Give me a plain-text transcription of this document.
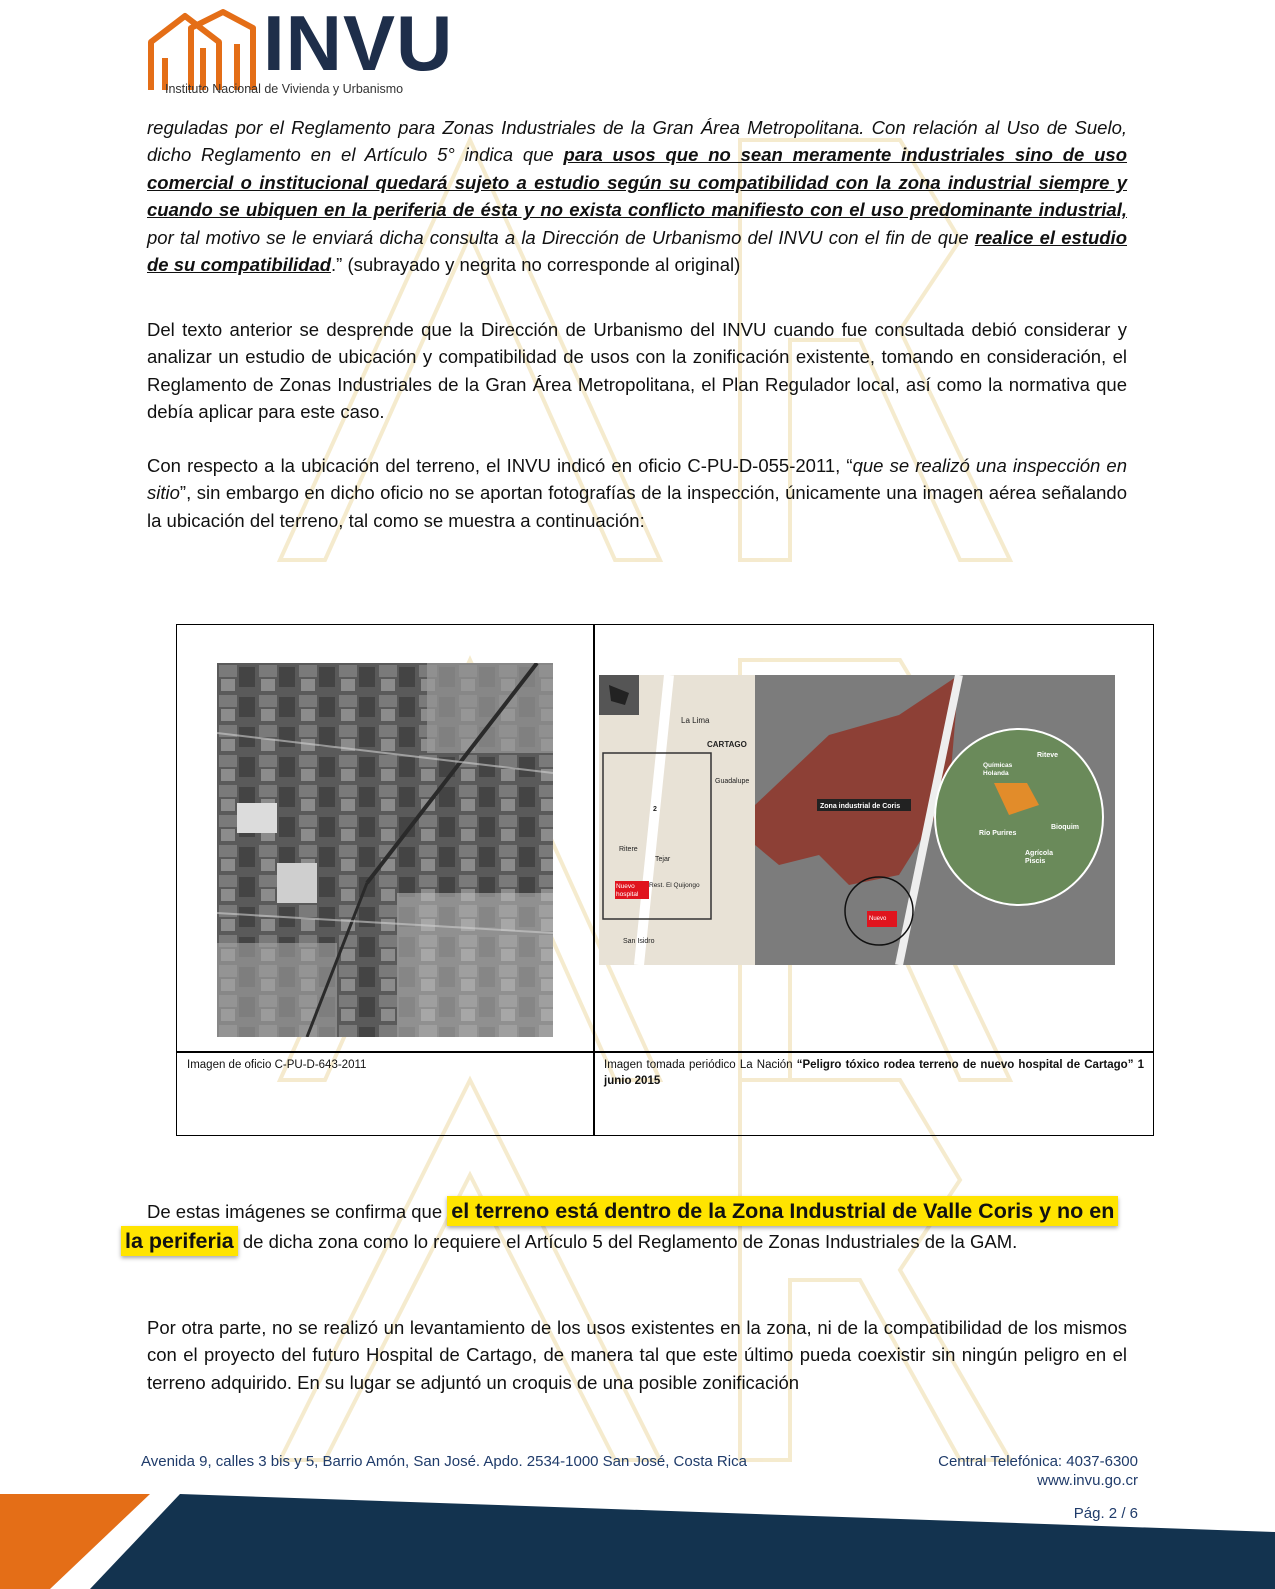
INVU
Instituto Nacional de Vivienda y Urbanismo
reguladas por el Reglamento para Zonas Industriales de la Gran Área Metropolitana. Con relación al Uso de Suelo, dicho Reglamento en el Artículo 5° indica que para usos que no sean meramente industriales sino de uso comercial o institucional quedará sujeto a estudio según su compatibilidad con la zona industrial siempre y cuando se ubiquen en la periferia de ésta y no exista conflicto manifiesto con el uso predominante industrial, por tal motivo se le enviará dicha consulta a la Dirección de Urbanismo del INVU con el fin de que realice el estudio de su compatibilidad.” (subrayado y negrita no corresponde al original)
Del texto anterior se desprende que la Dirección de Urbanismo del INVU cuando fue consultada debió considerar y analizar un estudio de ubicación y compatibilidad de usos con la zonificación existente, tomando en consideración, el Reglamento de Zonas Industriales de la Gran Área Metropolitana, el Plan Regulador local, así como la normativa que debía aplicar para este caso.
Con respecto a la ubicación del terreno, el INVU indicó en oficio C-PU-D-055-2011, “que se realizó una inspección en sitio”, sin embargo en dicho oficio no se aportan fotografías de la inspección, únicamente una imagen aérea señalando la ubicación del terreno, tal como se muestra a continuación:
La Lima
CARTAGO
Guadalupe
2
Ritere
Tejar
Rest. El Quijongo
Nuevo
hospital
San Isidro
Zona industrial de Coris
Nuevo
Químicas
Holanda
Riteve
Río Purires
Bioquim
Agrícola
Piscis
Imagen de oficio C-PU-D-643-2011	Imagen tomada periódico La Nación “Peligro tóxico rodea terreno de nuevo hospital de Cartago” 1 junio 2015
De estas imágenes se confirma que el terreno está dentro de la Zona Industrial de Valle Coris y no en
la periferia de dicha zona como lo requiere el Artículo 5 del Reglamento de Zonas Industriales de la GAM.
Por otra parte, no se realizó un levantamiento de los usos existentes en la zona, ni de la compatibilidad de los mismos con el proyecto del futuro Hospital de Cartago, de manera tal que este último pueda coexistir sin ningún peligro en el terreno adquirido. En su lugar se adjuntó un croquis de una posible zonificación
Avenida 9, calles 3 bis y 5, Barrio Amón, San José. Apdo. 2534-1000 San José, Costa Rica	Central Telefónica: 4037-6300
www.invu.go.cr
Pág. 2 / 6
